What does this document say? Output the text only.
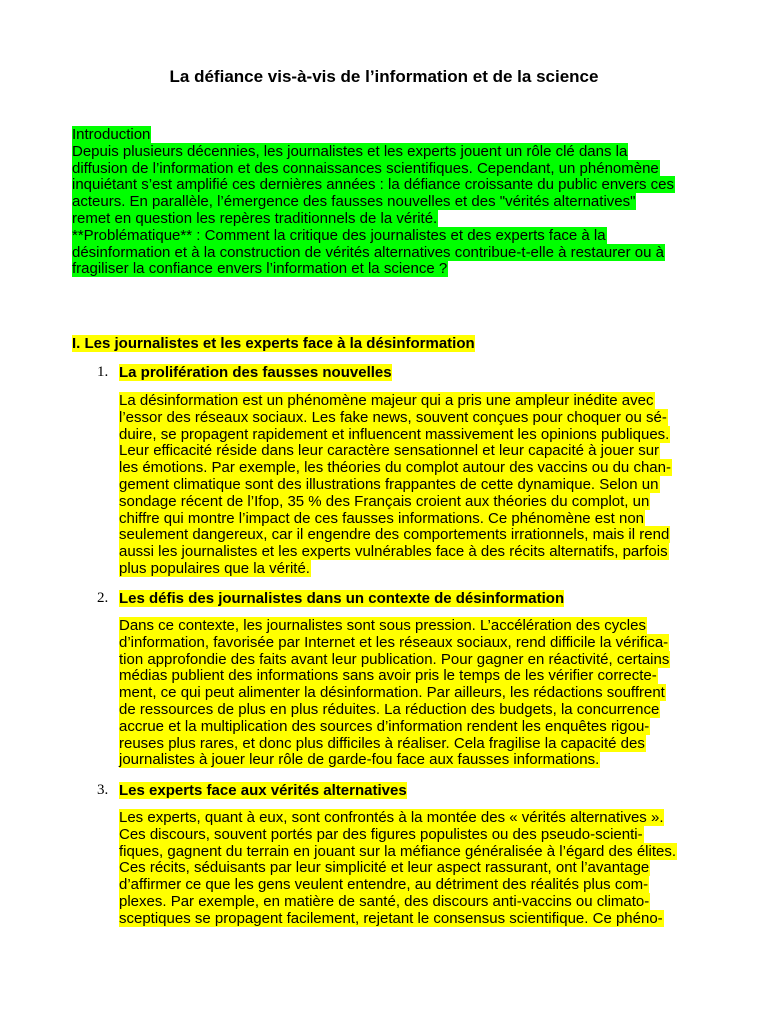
La défiance vis-à-vis de l’information et de la science
Introduction
Depuis plusieurs décennies, les journalistes et les experts jouent un rôle clé dans la
diffusion de l’information et des connaissances scientifiques. Cependant, un phénomène
inquiétant s’est amplifié ces dernières années : la défiance croissante du public envers ces
acteurs. En parallèle, l’émergence des fausses nouvelles et des "vérités alternatives"
remet en question les repères traditionnels de la vérité.
**Problématique** : Comment la critique des journalistes et des experts face à la
désinformation et à la construction de vérités alternatives contribue-t-elle à restaurer ou à
fragiliser la confiance envers l’information et la science ?
I. Les journalistes et les experts face à la désinformation
1. La prolifération des fausses nouvelles
La désinformation est un phénomène majeur qui a pris une ampleur inédite avec
l’essor des réseaux sociaux. Les fake news, souvent conçues pour choquer ou sé-
duire, se propagent rapidement et influencent massivement les opinions publiques.
Leur efficacité réside dans leur caractère sensationnel et leur capacité à jouer sur
les émotions. Par exemple, les théories du complot autour des vaccins ou du chan-
gement climatique sont des illustrations frappantes de cette dynamique. Selon un
sondage récent de l’Ifop, 35 % des Français croient aux théories du complot, un
chiffre qui montre l’impact de ces fausses informations. Ce phénomène est non
seulement dangereux, car il engendre des comportements irrationnels, mais il rend
aussi les journalistes et les experts vulnérables face à des récits alternatifs, parfois
plus populaires que la vérité.
2. Les défis des journalistes dans un contexte de désinformation
Dans ce contexte, les journalistes sont sous pression. L’accélération des cycles
d’information, favorisée par Internet et les réseaux sociaux, rend difficile la vérifica-
tion approfondie des faits avant leur publication. Pour gagner en réactivité, certains
médias publient des informations sans avoir pris le temps de les vérifier correcte-
ment, ce qui peut alimenter la désinformation. Par ailleurs, les rédactions souffrent
de ressources de plus en plus réduites. La réduction des budgets, la concurrence
accrue et la multiplication des sources d’information rendent les enquêtes rigou-
reuses plus rares, et donc plus difficiles à réaliser. Cela fragilise la capacité des
journalistes à jouer leur rôle de garde-fou face aux fausses informations.
3. Les experts face aux vérités alternatives
Les experts, quant à eux, sont confrontés à la montée des « vérités alternatives ».
Ces discours, souvent portés par des figures populistes ou des pseudo-scienti-
fiques, gagnent du terrain en jouant sur la méfiance généralisée à l’égard des élites.
Ces récits, séduisants par leur simplicité et leur aspect rassurant, ont l’avantage
d’affirmer ce que les gens veulent entendre, au détriment des réalités plus com-
plexes. Par exemple, en matière de santé, des discours anti-vaccins ou climato-
sceptiques se propagent facilement, rejetant le consensus scientifique. Ce phéno-
